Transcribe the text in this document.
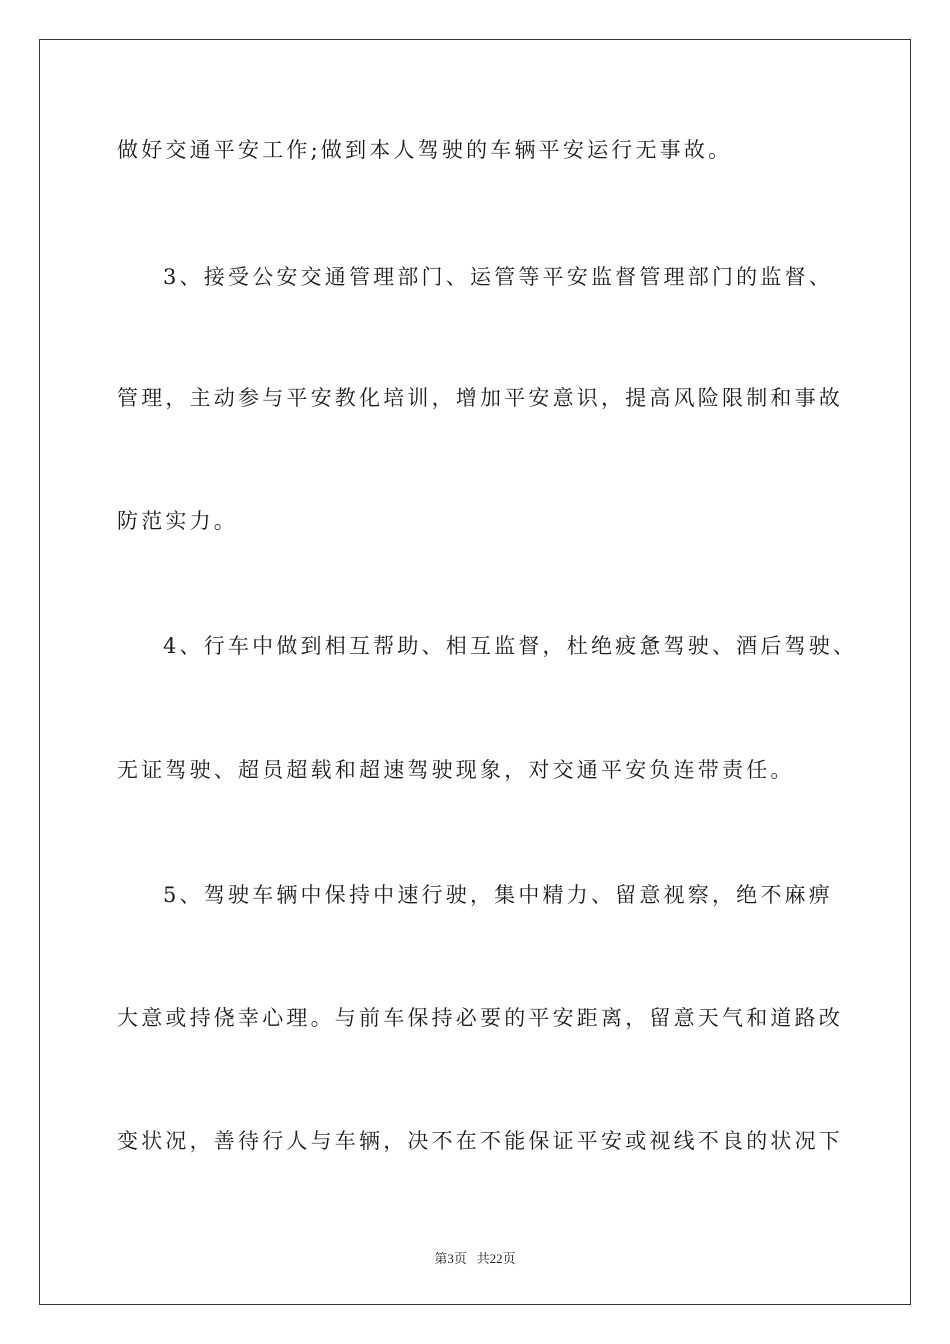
做好交通平安工作;做到本人驾驶的车辆平安运行无事故。
3、接受公安交通管理部门、运管等平安监督管理部门的监督、
管理，主动参与平安教化培训，增加平安意识，提高风险限制和事故
防范实力。
4、行车中做到相互帮助、相互监督，杜绝疲惫驾驶、酒后驾驶、
无证驾驶、超员超载和超速驾驶现象，对交通平安负连带责任。
5、驾驶车辆中保持中速行驶，集中精力、留意视察，绝不麻痹
大意或持侥幸心理。与前车保持必要的平安距离，留意天气和道路改
变状况，善待行人与车辆，决不在不能保证平安或视线不良的状况下
第3页 共22页
